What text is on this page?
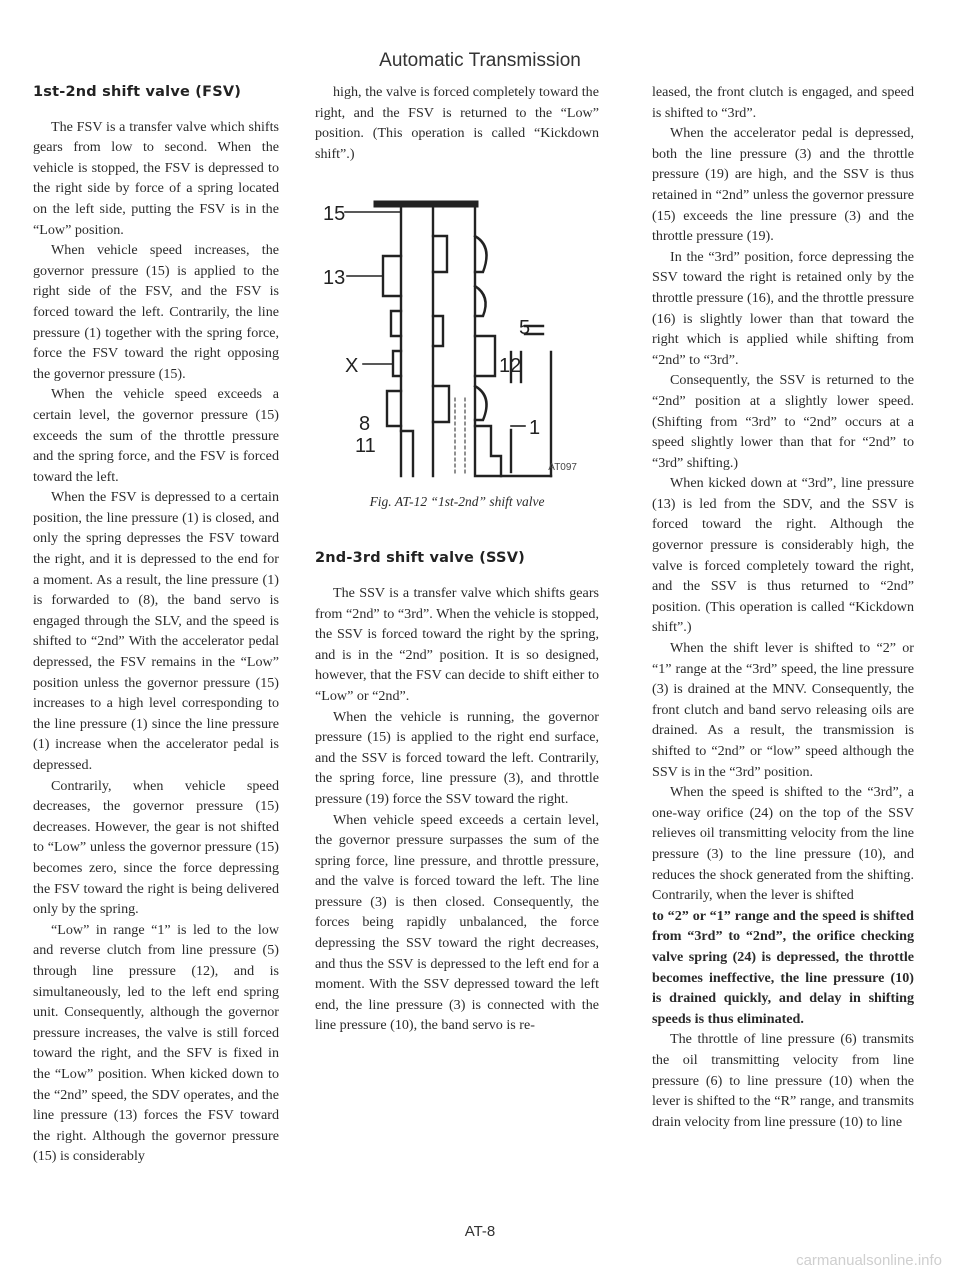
Automatic Transmission
1st-2nd shift valve (FSV)

The FSV is a transfer valve which shifts gears from low to second. When the vehicle is stopped, the FSV is depressed to the right side by force of a spring located on the left side, putting the FSV is in the “Low” position.

When vehicle speed increases, the governor pressure (15) is applied to the right side of the FSV, and the FSV is forced toward the left. Contrarily, the line pressure (1) together with the spring force, force the FSV toward the right opposing the governor pressure (15).

When the vehicle speed exceeds a certain level, the governor pressure (15) exceeds the sum of the throttle pressure and the spring force, and the FSV is forced toward the left.

When the FSV is depressed to a certain position, the line pressure (1) is closed, and only the spring depresses the FSV toward the right, and it is depressed to the end for a moment. As a result, the line pressure (1) is forwarded to (8), the band servo is engaged through the SLV, and the speed is shifted to “2nd” With the accelerator pedal depressed, the FSV remains in the “Low” position unless the governor pressure (15) increases to a high level corresponding to the line pressure (1) since the line pressure (1) increase when the accelerator pedal is depressed.

Contrarily, when vehicle speed decreases, the governor pressure (15) decreases. However, the gear is not shifted to “Low” unless the governor pressure (15) becomes zero, since the force depressing the FSV toward the right is being delivered only by the spring.

“Low” in range “1” is led to the low and reverse clutch from line pressure (5) through line pressure (12), and is simultaneously, led to the left end spring unit. Consequently, although the governor pressure increases, the valve is still forced toward the right, and the SFV is fixed in the “Low” position. When kicked down to the “2nd” speed, the SDV operates, and the line pressure (13) forces the FSV toward the right. Although the governor pressure (15) is considerably

high, the valve is forced completely toward the right, and the FSV is returned to the “Low” position. (This operation is called “Kickdown shift”.)

15
13
5
12
X
8
11
1
AT097
Fig. AT-12 “1st-2nd” shift valve
2nd-3rd shift valve (SSV)

The SSV is a transfer valve which shifts gears from “2nd” to “3rd”. When the vehicle is stopped, the SSV is forced toward the right by the spring, and is in the “2nd” position. It is so designed, however, that the FSV can decide to shift either to “Low” or “2nd”.

When the vehicle is running, the governor pressure (15) is applied to the right end surface, and the SSV is forced toward the left. Contrarily, the spring force, line pressure (3), and throttle pressure (19) force the SSV toward the right.

When vehicle speed exceeds a certain level, the governor pressure surpasses the sum of the spring force, line pressure, and throttle pressure, and the valve is forced toward the left. The line pressure (3) is then closed. Consequently, the forces being rapidly unbalanced, the force depressing the SSV toward the right decreases, and thus the SSV is depressed to the left end for a moment. With the SSV depressed toward the left end, the line pressure (3) is connected with the line pressure (10), the band servo is re-

leased, the front clutch is engaged, and speed is shifted to “3rd”.

When the accelerator pedal is depressed, both the line pressure (3) and the throttle pressure (19) are high, and the SSV is thus retained in “2nd” unless the governor pressure (15) exceeds the line pressure (3) and the throttle pressure (19).

In the “3rd” position, force depressing the SSV toward the right is retained only by the throttle pressure (16), and the throttle pressure (16) is slightly lower than that toward the right which is applied while shifting from “2nd” to “3rd”.

Consequently, the SSV is returned to the “2nd” position at a slightly lower speed. (Shifting from “3rd” to “2nd” occurs at a speed slightly lower than that for “2nd” to “3rd” shifting.)

When kicked down at “3rd”, line pressure (13) is led from the SDV, and the SSV is forced toward the right. Although the governor pressure is considerably high, the valve is forced completely toward the right, and the SSV is thus returned to “2nd” position. (This operation is called “Kickdown shift”.)

When the shift lever is shifted to “2” or “1” range at the “3rd” speed, the line pressure (3) is drained at the MNV. Consequently, the front clutch and band servo releasing oils are drained. As a result, the transmission is shifted to “2nd” or “low” speed although the SSV is in the “3rd” position.

When the speed is shifted to the “3rd”, a one-way orifice (24) on the top of the SSV relieves oil transmitting velocity from the line pressure (3) to the line pressure (10), and reduces the shock generated from the shifting. Contrarily, when the lever is shifted

to “2” or “1” range and the speed is shifted from “3rd” to “2nd”, the orifice checking valve spring (24) is depressed, the throttle becomes ineffective, the line pressure (10) is drained quickly, and delay in shifting speeds is thus eliminated.

The throttle of line pressure (6) transmits the oil transmitting velocity from line pressure (6) to line pressure (10) when the lever is shifted to the “R” range, and transmits drain velocity from line pressure (10) to line

AT-8
carmanualsonline.info
